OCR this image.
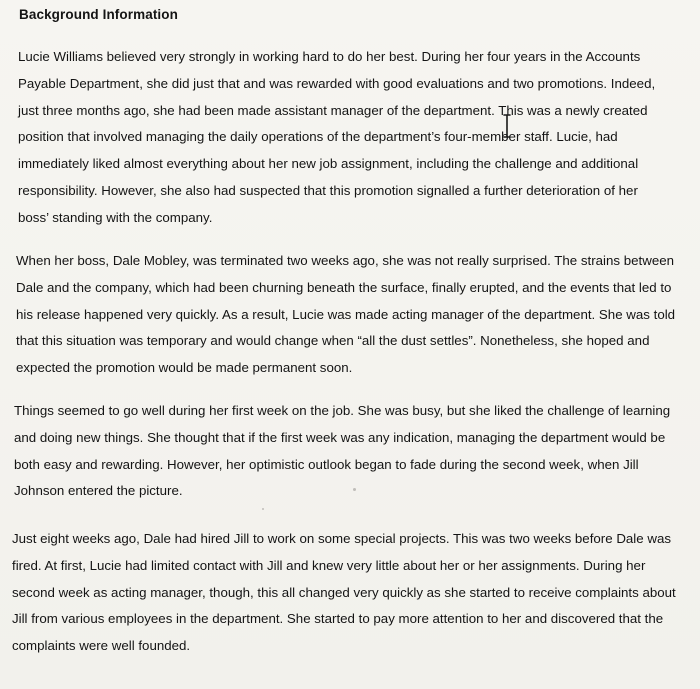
Background Information
Lucie Williams believed very strongly in working hard to do her best. During her four years in the Accounts
Payable Department, she did just that and was rewarded with good evaluations and two promotions. Indeed,
just three months ago, she had been made assistant manager of the department. This was a newly created
position that involved managing the daily operations of the department’s four-member staff. Lucie, had
immediately liked almost everything about her new job assignment, including the challenge and additional
responsibility. However, she also had suspected that this promotion signalled a further deterioration of her
boss’ standing with the company.
When her boss, Dale Mobley, was terminated two weeks ago, she was not really surprised. The strains between
Dale and the company, which had been churning beneath the surface, finally erupted, and the events that led to
his release happened very quickly. As a result, Lucie was made acting manager of the department. She was told
that this situation was temporary and would change when “all the dust settles”. Nonetheless, she hoped and
expected the promotion would be made permanent soon.
Things seemed to go well during her first week on the job. She was busy, but she liked the challenge of learning
and doing new things. She thought that if the first week was any indication, managing the department would be
both easy and rewarding. However, her optimistic outlook began to fade during the second week, when Jill
Johnson entered the picture.
Just eight weeks ago, Dale had hired Jill to work on some special projects. This was two weeks before Dale was
fired. At first, Lucie had limited contact with Jill and knew very little about her or her assignments. During her
second week as acting manager, though, this all changed very quickly as she started to receive complaints about
Jill from various employees in the department. She started to pay more attention to her and discovered that the
complaints were well founded.
